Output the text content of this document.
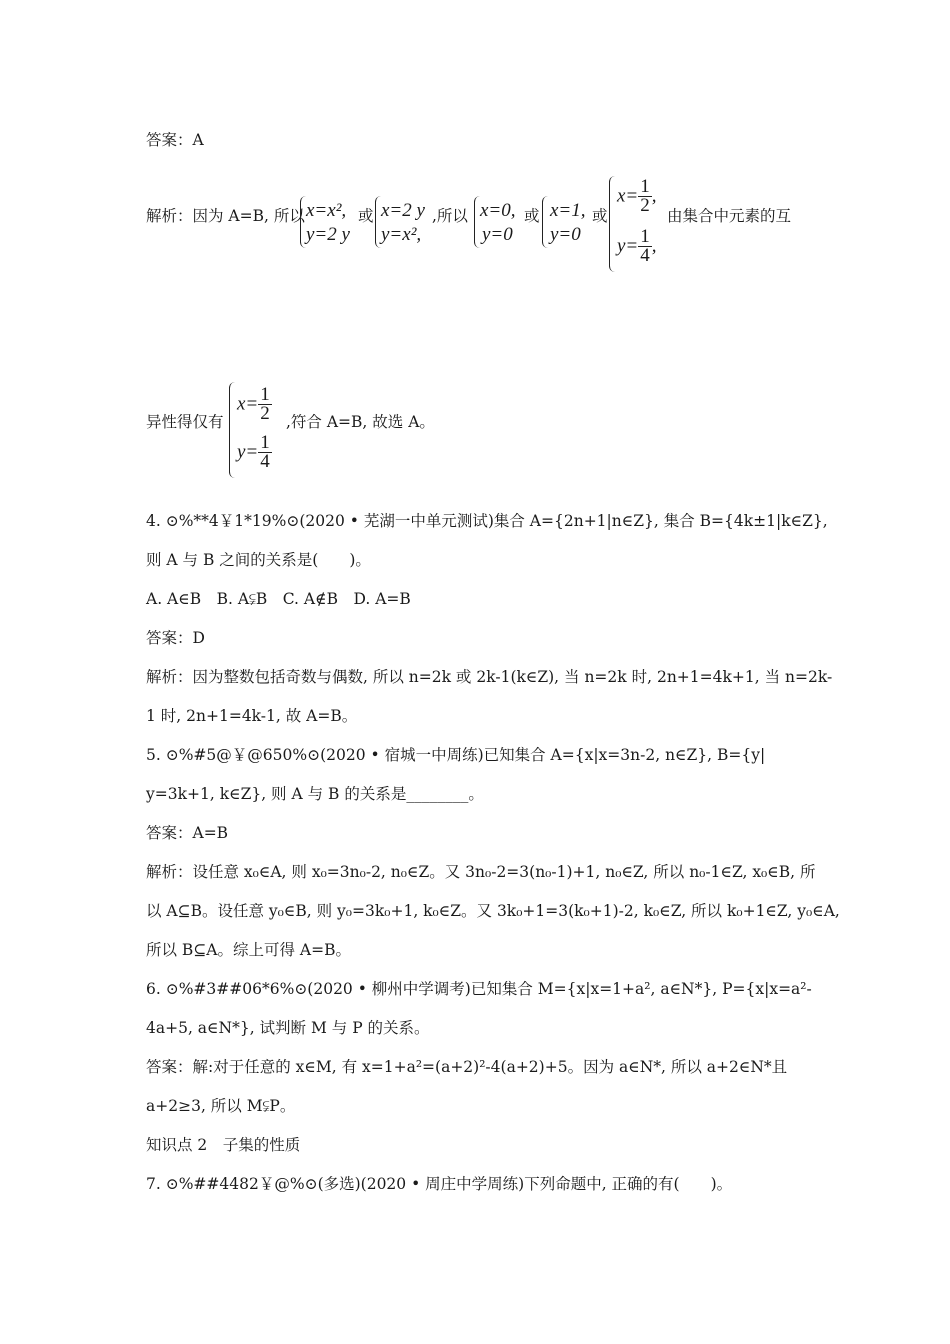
答案：A
解析：因为 A=B, 所以 x=x²,
y=2 y
或 x=2 y
y=x²,
,所以 x=0,
y=0
或 x=1,
y=0
或
$x= \frac{1}{2}$ ,
$y= \frac{1}{4}$ ,
由集合中元素的互
异性得仅有
$x= \frac{1}{2}$
$y= \frac{1}{4}$
,符合 A=B, 故选 A。
4. ⊙%**4￥1*19%⊙(2020 • 芜湖一中单元测试)集合 A={2n+1|n∈Z}, 集合 B={4k±1|k∈Z},
则 A 与 B 之间的关系是(　　)。
A. A∈B　B. A⫋B　C. A∉B　D. A=B
答案：D
解析：因为整数包括奇数与偶数, 所以 n=2k 或 2k-1(k∈Z), 当 n=2k 时, 2n+1=4k+1, 当 n=2k-
1 时, 2n+1=4k-1, 故 A=B。
5. ⊙%#5@￥@650%⊙(2020 • 宿城一中周练)已知集合 A={x|x=3n-2, n∈Z}, B={y|
y=3k+1, k∈Z}, 则 A 与 B 的关系是________。
答案：A=B
解析：设任意 x₀∈A, 则 x₀=3n₀-2, n₀∈Z。又 3n₀-2=3(n₀-1)+1, n₀∈Z, 所以 n₀-1∈Z, x₀∈B, 所
以 A⊆B。设任意 y₀∈B, 则 y₀=3k₀+1, k₀∈Z。又 3k₀+1=3(k₀+1)-2, k₀∈Z, 所以 k₀+1∈Z, y₀∈A,
所以 B⊆A。综上可得 A=B。
6. ⊙%#3##06*6%⊙(2020 • 柳州中学调考)已知集合 M={x|x=1+a², a∈N*}, P={x|x=a²-
4a+5, a∈N*}, 试判断 M 与 P 的关系。
答案：解:对于任意的 x∈M, 有 x=1+a²=(a+2)²-4(a+2)+5。因为 a∈N*, 所以 a+2∈N*且
a+2≥3, 所以 M⫋P。
知识点 2　子集的性质
7. ⊙%##4482￥@%⊙(多选)(2020 • 周庄中学周练)下列命题中, 正确的有(　　)。
